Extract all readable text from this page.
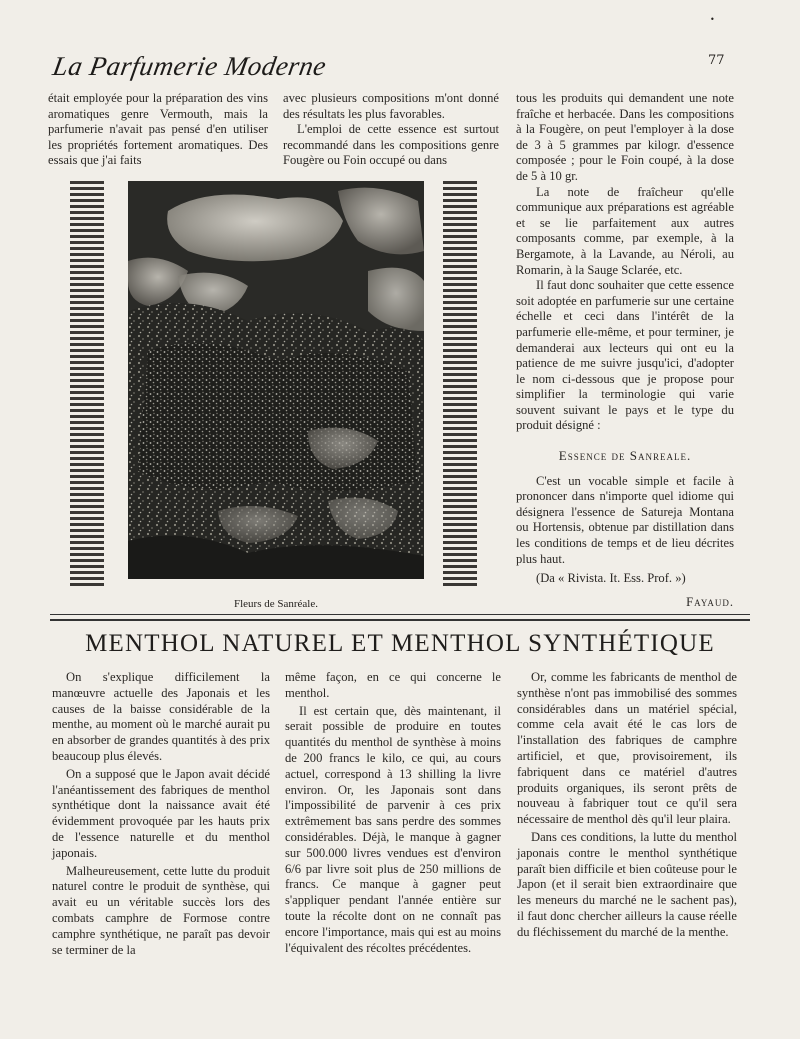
•
La Parfumerie Moderne	77

était employée pour la préparation des vins aromatiques genre Vermouth, mais la parfumerie n'avait pas pensé d'en utiliser les propriétés fortement aromatiques. Des essais que j'ai faits

avec plusieurs compositions m'ont donné des résultats les plus favorables.

L'emploi de cette essence est surtout recommandé dans les compositions genre Fougère ou Foin occupé ou dans

tous les produits qui demandent une note fraîche et herbacée. Dans les compositions à la Fougère, on peut l'employer à la dose de 3 à 5 grammes par kilogr. d'essence composée ; pour le Foin coupé, à la dose de 5 à 10 gr.

La note de fraîcheur qu'elle communique aux préparations est agréable et se lie parfaitement aux autres composants comme, par exemple, à la Bergamote, à la Lavande, au Néroli, au Romarin, à la Sauge Sclarée, etc.

Il faut donc souhaiter que cette essence soit adoptée en parfumerie sur une certaine échelle et ceci dans l'intérêt de la parfumerie elle-même, et pour terminer, je demanderai aux lecteurs qui ont eu la patience de me suivre jusqu'ici, d'adopter le nom ci-dessous que je propose pour simplifier la terminologie qui varie souvent suivant le pays et le type du produit désigné :

Essence de Sanreale.

C'est un vocable simple et facile à prononcer dans n'importe quel idiome qui désignera l'essence de Satureja Montana ou Hortensis, obtenue par distillation dans les conditions de temps et de lieu décrites plus haut.

(Da « Rivista. It. Ess. Prof. »)

Fayaud.

Fleurs de Sanréale.
MENTHOL NATUREL ET MENTHOL SYNTHÉTIQUE

On s'explique difficilement la manœuvre actuelle des Japonais et les causes de la baisse considérable de la menthe, au moment où le marché aurait pu en absorber de grandes quantités à des prix beaucoup plus élevés.

On a supposé que le Japon avait décidé l'anéantissement des fabriques de menthol synthétique dont la naissance avait été évidemment provoquée par les hauts prix de l'essence naturelle et du menthol japonais.

Malheureusement, cette lutte du produit naturel contre le produit de synthèse, qui avait eu un véritable succès lors des combats camphre de Formose contre camphre synthétique, ne paraît pas devoir se terminer de la

même façon, en ce qui concerne le menthol.

Il est certain que, dès maintenant, il serait possible de produire en toutes quantités du menthol de synthèse à moins de 200 francs le kilo, ce qui, au cours actuel, correspond à 13 shilling la livre environ. Or, les Japonais sont dans l'impossibilité de parvenir à ces prix extrêmement bas sans perdre des sommes considérables. Déjà, le manque à gagner sur 500.000 livres vendues est d'environ 6/6 par livre soit plus de 250 millions de francs. Ce manque à gagner peut s'appliquer pendant l'année entière sur toute la récolte dont on ne connaît pas encore l'importance, mais qui est au moins l'équivalent des récoltes précédentes.

Or, comme les fabricants de menthol de synthèse n'ont pas immobilisé des sommes considérables dans un matériel spécial, comme cela avait été le cas lors de l'installation des fabriques de camphre artificiel, et que, provisoirement, ils fabriquent dans ce matériel d'autres produits organiques, ils seront prêts de nouveau à fabriquer tout ce qu'il sera nécessaire de menthol dès qu'il leur plaira.

Dans ces conditions, la lutte du menthol japonais contre le menthol synthétique paraît bien difficile et bien coûteuse pour le Japon (et il serait bien extraordinaire que les meneurs du marché ne le sachent pas), il faut donc chercher ailleurs la cause réelle du fléchissement du marché de la menthe.
